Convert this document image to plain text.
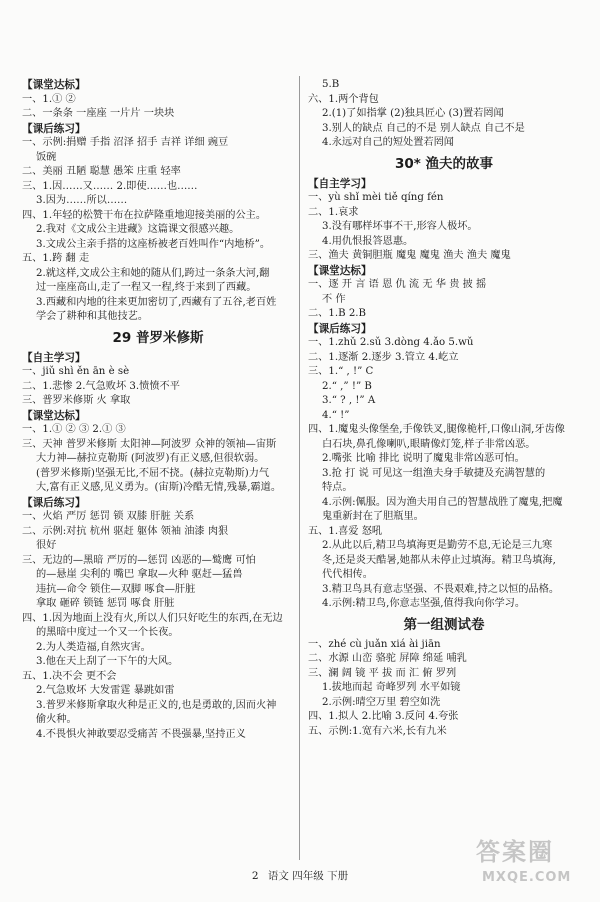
【课堂达标】
一、1.① ②
二、一条条 一座座 一片片 一块块
【课后练习】
一、示例:捐赠 手指 沼泽 招手 吉祥 详细 豌豆
饭碗
二、美丽 丑陋 聪慧 愚笨 庄重 轻率
三、1.因……又…… 2.即使……也……
3.因为……所以……
四、1.年轻的松赞干布在拉萨隆重地迎接美丽的公主。
2.我对《文成公主进藏》这篇课文很感兴趣。
3.文成公主亲手搭的这座桥被老百姓叫作“内地桥”。
五、1.跨 翻 走
2.就这样,文成公主和她的随从们,跨过一条条大河,翻
过一座座高山,走了一程又一程,终于来到了西藏。
3.西藏和内地的往来更加密切了,西藏有了五谷,老百姓
学会了耕种和其他技艺。
29 普罗米修斯
【自主学习】
一、jiǔ shì ěn ān è sè
二、1.悲惨 2.气急败坏 3.愤愤不平
三、普罗米修斯 火 拿取
【课堂达标】
一、1.① ② ③ 2.① ③
三、天神 普罗米修斯 太阳神—阿波罗 众神的领袖—宙斯
大力神—赫拉克勒斯 (阿波罗)有正义感,但很软弱。
(普罗米修斯)坚强无比,不屈不挠。(赫拉克勒斯)力气
大,富有正义感,见义勇为。(宙斯)冷酷无情,残暴,霸道。
【课后练习】
一、火焰 严厉 惩罚 锁 双膝 肝脏 关系
二、示例:对抗 杭州 驱赶 躯体 领袖 油漆 肉狠
很好
三、无边的—黑暗 严厉的—惩罚 凶恶的—鹫鹰 可怕
的—悬崖 尖利的 嘴巴 拿取—火种 驱赶—猛兽
违抗—命令 锁住—双脚 啄食—肝脏
拿取 砸碎 锁链 惩罚 啄食 肝脏
四、1.因为地面上没有火,所以人们只好吃生的东西,在无边
的黑暗中度过一个又一个长夜。
2.为人类造福,自然灾害。
3.他在天上刮了一下午的大风。
五、1.决不会 更不会
2.气急败坏 大发雷霆 暴跳如雷
3.普罗米修斯拿取火种是正义的,也是勇敢的,因而火神
偷火种。
4.不畏惧火神敢要忍受痛苦 不畏强暴,坚持正义
5.B
六、1.两个背包
2.(1)了如指掌 (2)独具匠心 (3)置若罔闻
3.别人的缺点 自己的不是 别人缺点 自己不是
4.永远对自己的短处置若罔闻
30* 渔夫的故事
【自主学习】
一、yù shǐ mèi tiě qíng fén
二、1.哀求
3.没有哪样坏事不干,形容人极坏。
4.用仇恨报答恩惠。
三、渔夫 黄铜胆瓶 魔鬼 魔鬼 渔夫 渔夫 魔鬼
【课堂达标】
一、逐 开 言 语 恩 仇 流 无 华 贵 披 摇
不 作
二、1.B 2.B
【课后练习】
一、1.zhǔ 2.sǔ 3.dòng 4.ǎo 5.wǔ
二、1.逐渐 2.逐步 3.管立 4.屹立
三、1.“ , !” C
2.“ ,” !” B
3.“ ? , !” A
4.“ !”
四、1.魔鬼头像堡垒,手像铁叉,腿像桅杆,口像山洞,牙齿像
白石块,鼻孔像喇叭,眼睛像灯笼,样子非常凶恶。
2.嘴张 比喻 排比 说明了魔鬼非常凶恶可怕。
3.抢 打 说 可见这一组渔夫身手敏捷及充满智慧的
特点。
4.示例:佩服。因为渔夫用自己的智慧战胜了魔鬼,把魔
鬼重新封在了胆瓶里。
五、1.喜爱 怒吼
2.从此以后,精卫鸟填海更是勤劳不息,无论是三九寒
冬,还是炎天酷暑,她都从未停止过填海。精卫鸟填海,
代代相传。
3.精卫鸟具有意志坚强、不畏艰难,持之以恒的品格。
4.示例:精卫鸟,你意志坚强,值得我向你学习。
第一组测试卷
一、zhé cù juǎn xiá ài jiān
二、水源 山峦 骆驼 屏障 绵延 哺乳
三、澜 阔 镜 平 拔 而 汇 俯 罗列
1.拔地而起 奇峰罗列 水平如镜
2.示例:晴空万里 碧空如洗
四、1.拟人 2.比喻 3.反问 4.夸张
五、示例:1.宽有六米,长有九米
2 语文 四年级 下册
答案圈
MXQE.COM
